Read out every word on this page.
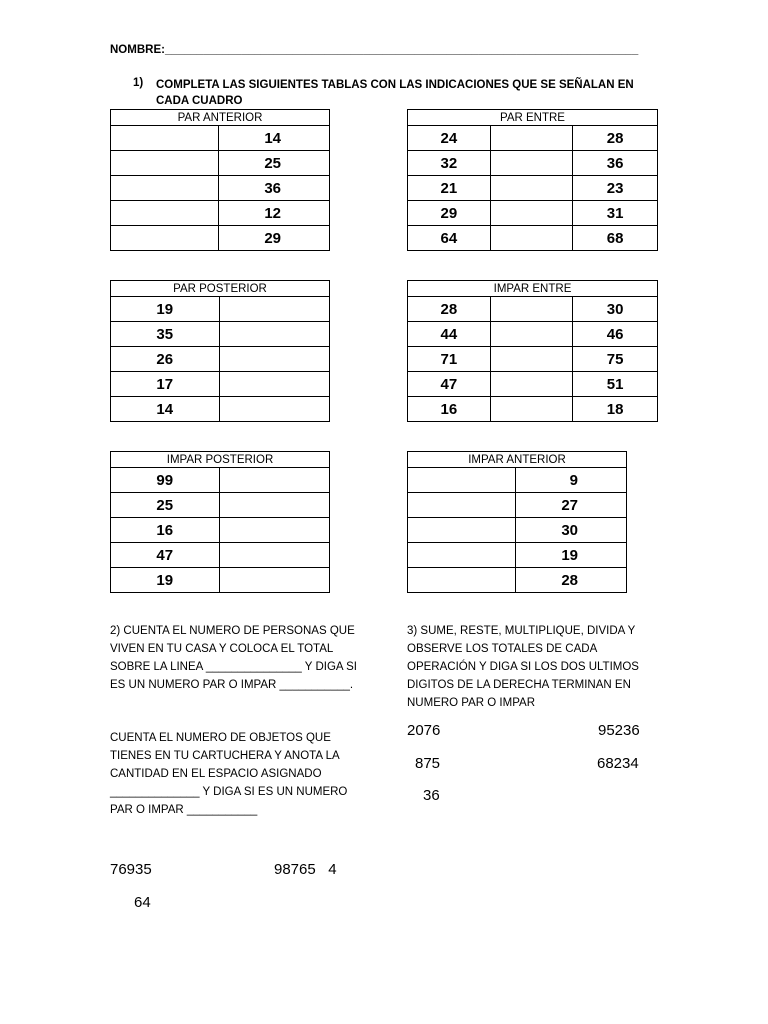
NOMBRE:__________________________________________________________________________
1) COMPLETA LAS SIGUIENTES TABLAS CON LAS INDICACIONES QUE SE SEÑALAN EN CADA CUADRO
PAR ANTERIOR	
	14
	25
	36
	12
	29
PAR ENTRE		
24		28
32		36
21		23
29		31
64		68
PAR POSTERIOR	
19	
35	
26	
17	
14	
IMPAR ENTRE		
28		30
44		46
71		75
47		51
16		18
IMPAR POSTERIOR	
99	
25	
16	
47	
19	
IMPAR ANTERIOR	
	9
	27
	30
	19
	28
2) CUENTA EL NUMERO DE PERSONAS QUE
VIVEN EN TU CASA Y COLOCA EL TOTAL
SOBRE LA LINEA _______________ Y DIGA SI
ES UN NUMERO PAR O IMPAR ___________.
CUENTA EL NUMERO DE OBJETOS QUE
TIENES EN TU CARTUCHERA Y ANOTA LA
CANTIDAD EN EL ESPACIO ASIGNADO
______________ Y DIGA SI ES UN NUMERO
PAR O IMPAR ___________
3) SUME, RESTE, MULTIPLIQUE, DIVIDA Y
OBSERVE LOS TOTALES DE CADA
OPERACIÓN Y DIGA SI LOS DOS ULTIMOS
DIGITOS DE LA DERECHA TERMINAN EN
NUMERO PAR O IMPAR
2076	95236
875	68234
36
76935	98765   4
64
